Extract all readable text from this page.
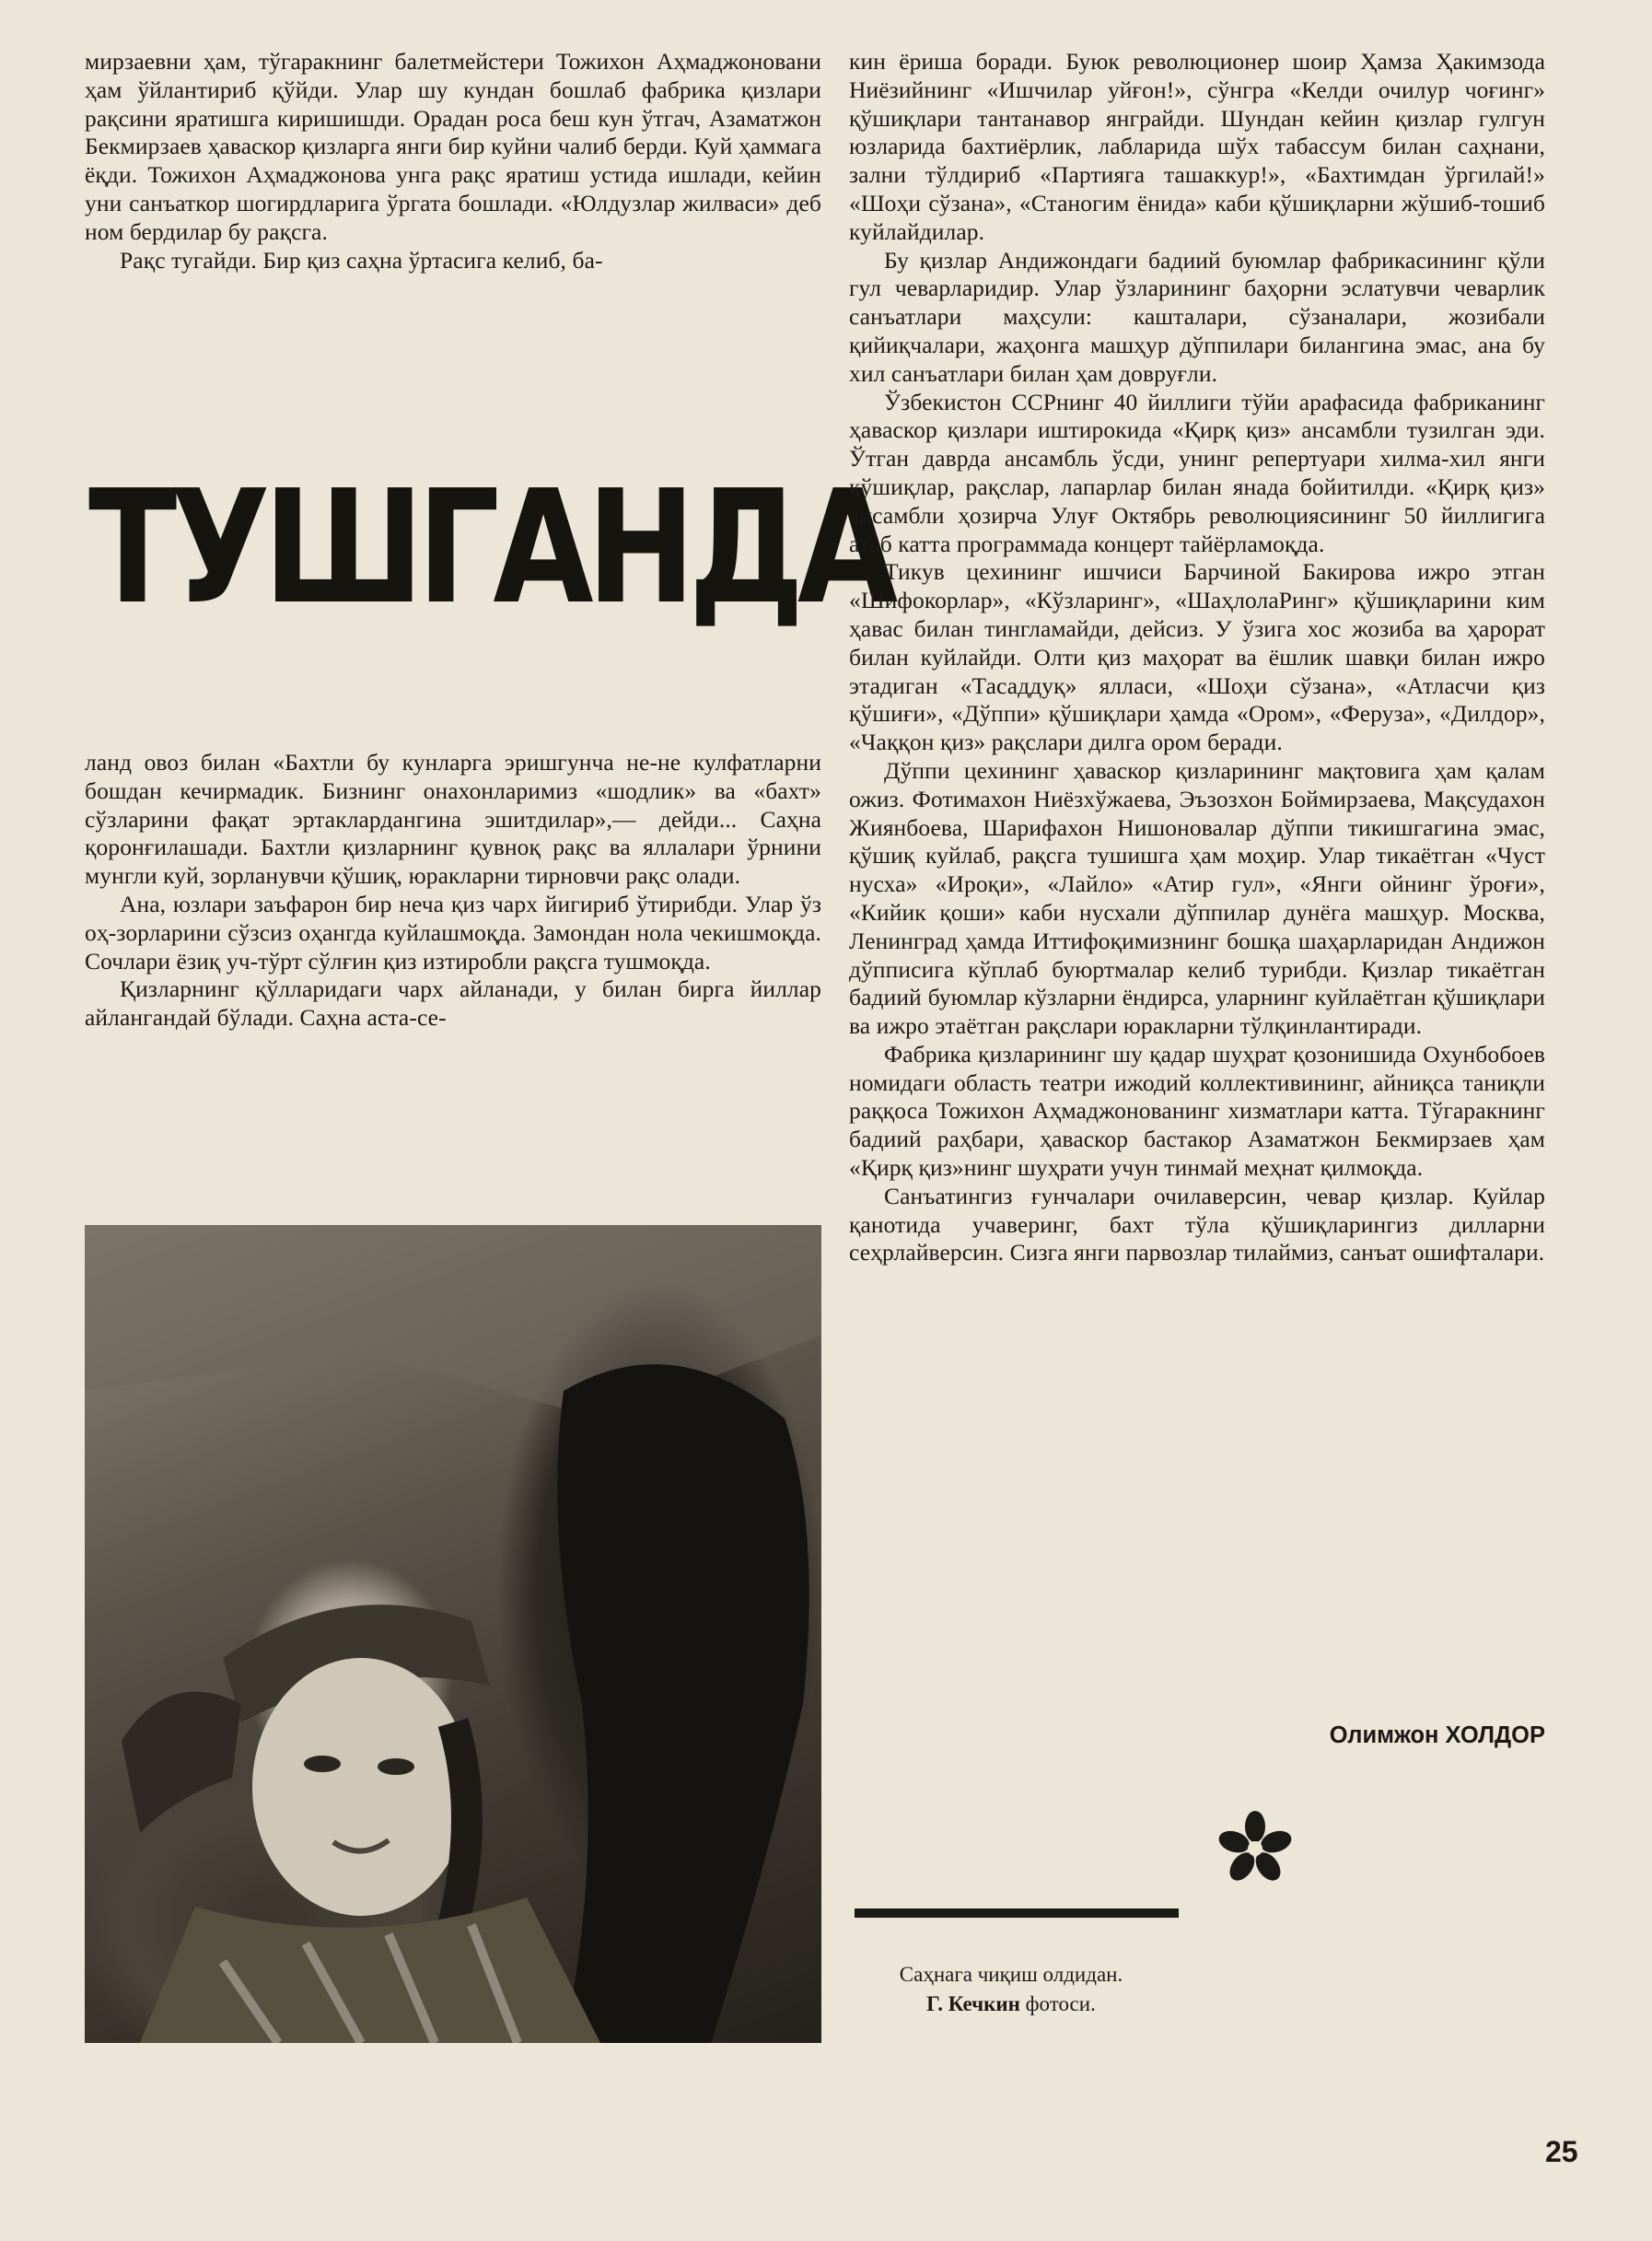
мирзаевни ҳам, тўгаракнинг балетмейстери Тожихон Аҳмаджоновани ҳам ўйлантириб қўйди. Улар шу кундан бошлаб фабрика қизлари рақсини яратишга киришишди. Орадан роса беш кун ўтгач, Азаматжон Бекмирзаев ҳаваскор қизларга янги бир куйни чалиб берди. Куй ҳаммага ёқди. Тожихон Аҳмаджонова унга рақс яратиш устида ишлади, кейин уни санъаткор шогирдларига ўргата бошлади. «Юлдузлар жилваси» деб ном бердилар бу рақсга.

Рақс тугайди. Бир қиз саҳна ўртасига келиб, ба-

ТУШГАНДА

ланд овоз билан «Бахтли бу кунларга эришгунча не-не кулфатларни бошдан кечирмадик. Бизнинг онахонларимиз «шодлик» ва «бахт» сўзларини фақат эртаклардангина эшитдилар»,— дейди... Саҳна қоронғилашади. Бахтли қизларнинг қувноқ рақс ва яллалари ўрнини мунгли куй, зорланувчи қўшиқ, юракларни тирновчи рақс олади.

Ана, юзлари заъфарон бир неча қиз чарх йигириб ўтирибди. Улар ўз оҳ-зорларини сўзсиз оҳангда куйлашмоқда. Замондан нола чекишмоқда. Сочлари ёзиқ уч-тўрт сўлғин қиз изтиробли рақсга тушмоқда.

Қизларнинг қўлларидаги чарх айланади, у билан бирга йиллар айлангандай бўлади. Саҳна аста-се-

кин ёриша боради. Буюк революционер шоир Ҳамза Ҳакимзода Ниёзийнинг «Ишчилар уйғон!», сўнгра «Келди очилур чоғинг» қўшиқлари тантанавор янграйди. Шундан кейин қизлар гулгун юзларида бахтиёрлик, лабларида шўх табассум билан саҳнани, зални тўлдириб «Партияга ташаккур!», «Бахтимдан ўргилай!» «Шоҳи сўзана», «Станогим ёнида» каби қўшиқларни жўшиб-тошиб куйлайдилар.

Бу қизлар Андижондаги бадиий буюмлар фабрикасининг қўли гул чеварларидир. Улар ўзларининг баҳорни эслатувчи чеварлик санъатлари маҳсули: кашталари, сўзаналари, жозибали қийиқчалари, жаҳонга машҳур дўппилари билангина эмас, ана бу хил санъатлари билан ҳам довруғли.

Ўзбекистон ССРнинг 40 йиллиги тўйи арафасида фабриканинг ҳаваскор қизлари иштирокида «Қирқ қиз» ансамбли тузилган эди. Ўтган даврда ансамбль ўсди, унинг репертуари хилма-хил янги қўшиқлар, рақслар, лапарлар билан янада бойитилди. «Қирқ қиз» ансамбли ҳозирча Улуғ Октябрь революциясининг 50 йиллигига атаб катта программада концерт тайёрламоқда.

Тикув цехининг ишчиси Барчиной Бакирова ижро этган «Шифокорлар», «Кўзларинг», «ШаҳлолаРинг» қўшиқларини ким ҳавас билан тингламайди, дейсиз. У ўзига хос жозиба ва ҳарорат билан куйлайди. Олти қиз маҳорат ва ёшлик шавқи билан ижро этадиган «Тасаддуқ» ялласи, «Шоҳи сўзана», «Атласчи қиз қўшиғи», «Дўппи» қўшиқлари ҳамда «Ором», «Феруза», «Дилдор», «Чаққон қиз» рақслари дилга ором беради.

Дўппи цехининг ҳаваскор қизларининг мақтовига ҳам қалам ожиз. Фотимахон Ниёзхўжаева, Эъзозхон Боймирзаева, Мақсудахон Жиянбоева, Шарифахон Нишоновалар дўппи тикишгагина эмас, қўшиқ куйлаб, рақсга тушишга ҳам моҳир. Улар тикаётган «Чуст нусха» «Ироқи», «Лайло» «Атир гул», «Янги ойнинг ўроғи», «Кийик қоши» каби нусхали дўппилар дунёга машҳур. Москва, Ленинград ҳамда Иттифоқимизнинг бошқа шаҳарларидан Андижон дўпписига кўплаб буюртмалар келиб турибди. Қизлар тикаётган бадиий буюмлар кўзларни ёндирса, уларнинг куйлаётган қўшиқлари ва ижро этаётган рақслари юракларни тўлқинлантиради.

Фабрика қизларининг шу қадар шуҳрат қозонишида Охунбобоев номидаги область театри ижодий коллективининг, айниқса таниқли раққоса Тожихон Аҳмаджонованинг хизматлари катта. Тўгаракнинг бадиий раҳбари, ҳаваскор бастакор Азаматжон Бекмирзаев ҳам «Қирқ қиз»нинг шуҳрати учун тинмай меҳнат қилмоқда.

Санъатингиз ғунчалари очилаверсин, чевар қизлар. Куйлар қанотида учаверинг, бахт тўла қўшиқларингиз дилларни сеҳрлайверсин. Сизга янги парвозлар тилаймиз, санъат ошифталари.

Олимжон ХОЛДОР
Саҳнага чиқиш олдидан.
Г. Кечкин фотоси.
25
